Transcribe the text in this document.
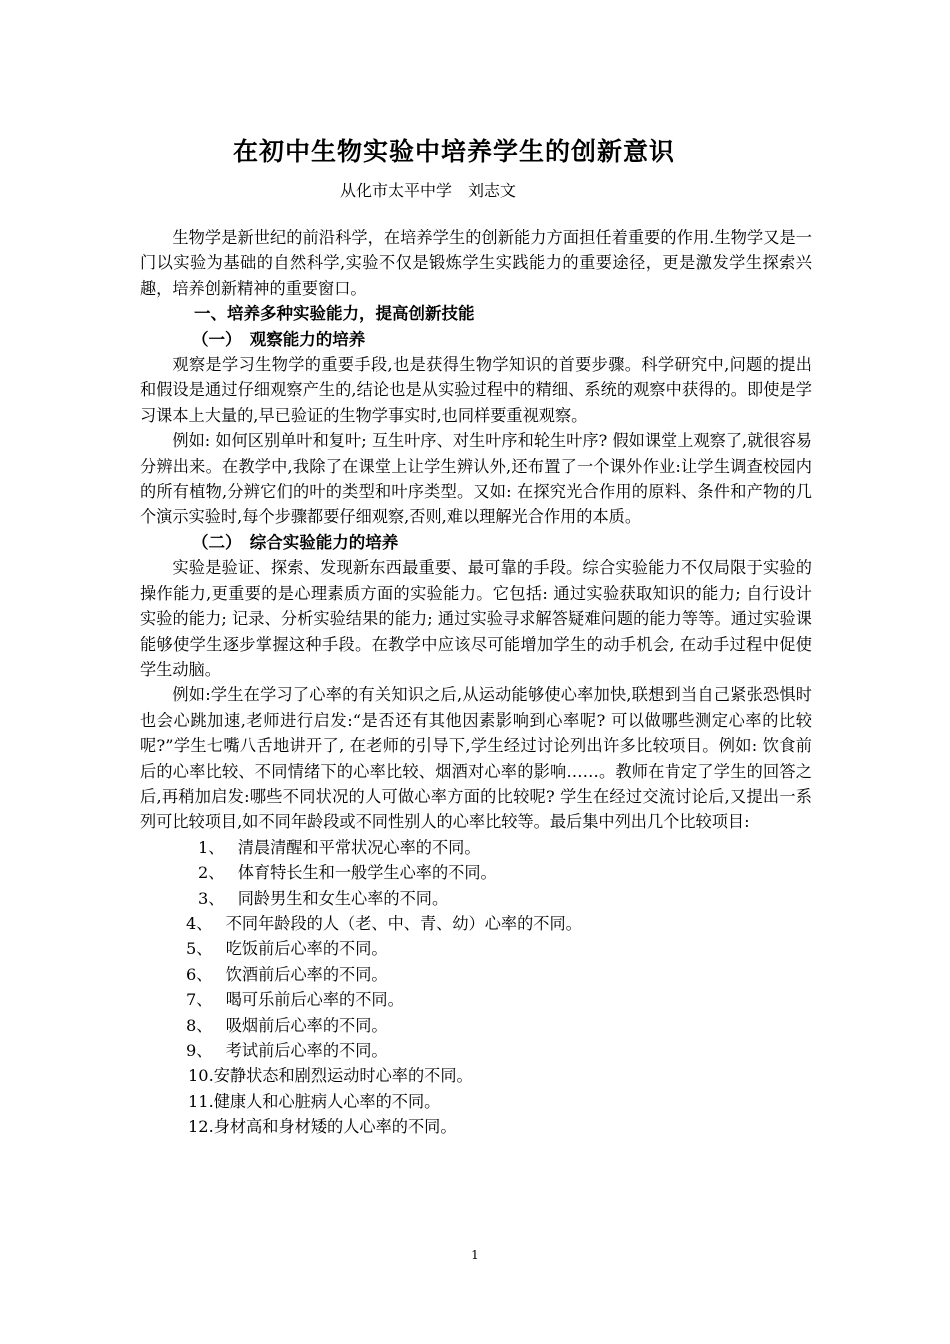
在初中生物实验中培养学生的创新意识
从化市太平中学　刘志文

生物学是新世纪的前沿科学，在培养学生的创新能力方面担任着重要的作用.生物学又是一门以实验为基础的自然科学,实验不仅是锻炼学生实践能力的重要途径，更是激发学生探索兴趣，培养创新精神的重要窗口。

一、培养多种实验能力，提高创新技能

（一）　观察能力的培养

观察是学习生物学的重要手段,也是获得生物学知识的首要步骤。科学研究中,问题的提出和假设是通过仔细观察产生的,结论也是从实验过程中的精细、系统的观察中获得的。即使是学习课本上大量的,早已验证的生物学事实时,也同样要重视观察。

例如: 如何区别单叶和复叶; 互生叶序、对生叶序和轮生叶序? 假如课堂上观察了,就很容易分辨出来。在教学中,我除了在课堂上让学生辨认外,还布置了一个课外作业:让学生调查校园内的所有植物,分辨它们的叶的类型和叶序类型。又如: 在探究光合作用的原料、条件和产物的几个演示实验时,每个步骤都要仔细观察,否则,难以理解光合作用的本质。

（二）　综合实验能力的培养

实验是验证、探索、发现新东西最重要、最可靠的手段。综合实验能力不仅局限于实验的操作能力,更重要的是心理素质方面的实验能力。它包括: 通过实验获取知识的能力; 自行设计实验的能力; 记录、分析实验结果的能力; 通过实验寻求解答疑难问题的能力等等。通过实验课能够使学生逐步掌握这种手段。在教学中应该尽可能增加学生的动手机会, 在动手过程中促使学生动脑。

例如:学生在学习了心率的有关知识之后,从运动能够使心率加快,联想到当自己紧张恐惧时也会心跳加速,老师进行启发:“是否还有其他因素影响到心率呢? 可以做哪些测定心率的比较呢?”学生七嘴八舌地讲开了, 在老师的引导下,学生经过讨论列出许多比较项目。例如: 饮食前后的心率比较、不同情绪下的心率比较、烟酒对心率的影响……。教师在肯定了学生的回答之后,再稍加启发:哪些不同状况的人可做心率方面的比较呢? 学生在经过交流讨论后,又提出一系列可比较项目,如不同年龄段或不同性别人的心率比较等。最后集中列出几个比较项目:

1、　 清晨清醒和平常状况心率的不同。

2、　 体育特长生和一般学生心率的不同。

3、　 同龄男生和女生心率的不同。

4、　 不同年龄段的人（老、中、青、幼）心率的不同。

5、　 吃饭前后心率的不同。

6、　 饮酒前后心率的不同。

7、　 喝可乐前后心率的不同。

8、　 吸烟前后心率的不同。

9、　 考试前后心率的不同。

10.安静状态和剧烈运动时心率的不同。

11.健康人和心脏病人心率的不同。

12.身材高和身材矮的人心率的不同。

1
